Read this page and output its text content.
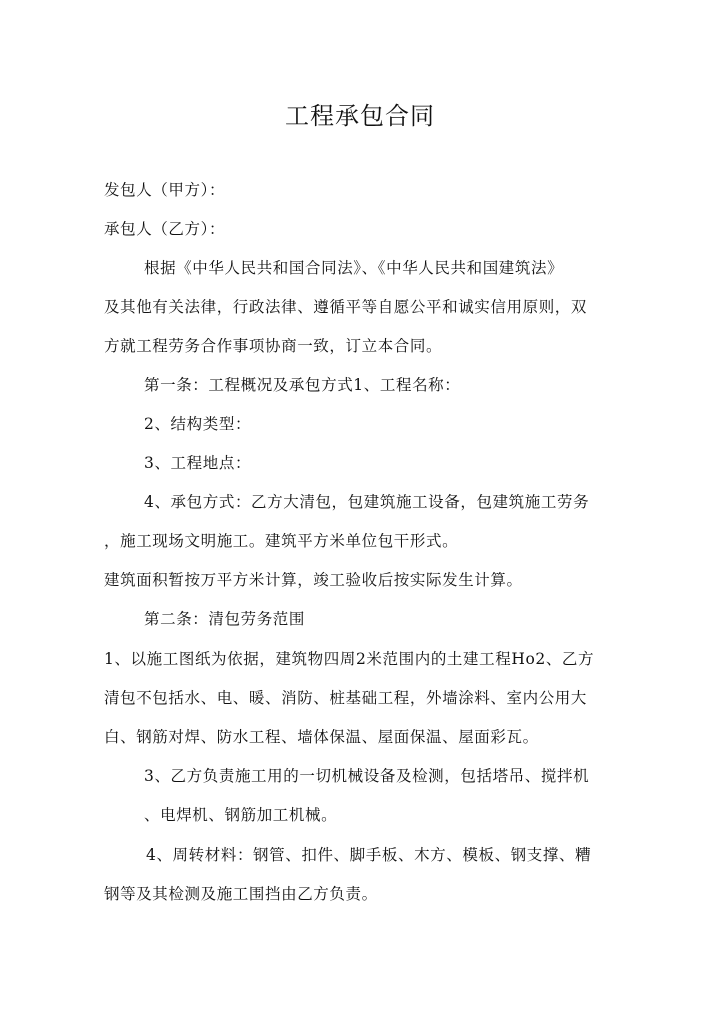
工程承包合同
发包人（甲方）：
承包人（乙方）：
根据《中华人民共和国合同法》、《中华人民共和国建筑法》
及其他有关法律，行政法律、遵循平等自愿公平和诚实信用原则，双
方就工程劳务合作事项协商一致，订立本合同。
第一条：工程概况及承包方式1、工程名称：
2、结构类型：
3、工程地点：
4、承包方式：乙方大清包，包建筑施工设备，包建筑施工劳务
，施工现场文明施工。建筑平方米单位包干形式。
建筑面积暂按万平方米计算，竣工验收后按实际发生计算。
第二条：清包劳务范围
1、以施工图纸为依据，建筑物四周2米范围内的土建工程Ho2、乙方
清包不包括水、电、暖、消防、桩基础工程，外墙涂料、室内公用大
白、钢筋对焊、防水工程、墙体保温、屋面保温、屋面彩瓦。
3、乙方负责施工用的一切机械设备及检测，包括塔吊、搅拌机
、电焊机、钢筋加工机械。
4、周转材料：钢管、扣件、脚手板、木方、模板、钢支撑、糟
钢等及其检测及施工围挡由乙方负责。
